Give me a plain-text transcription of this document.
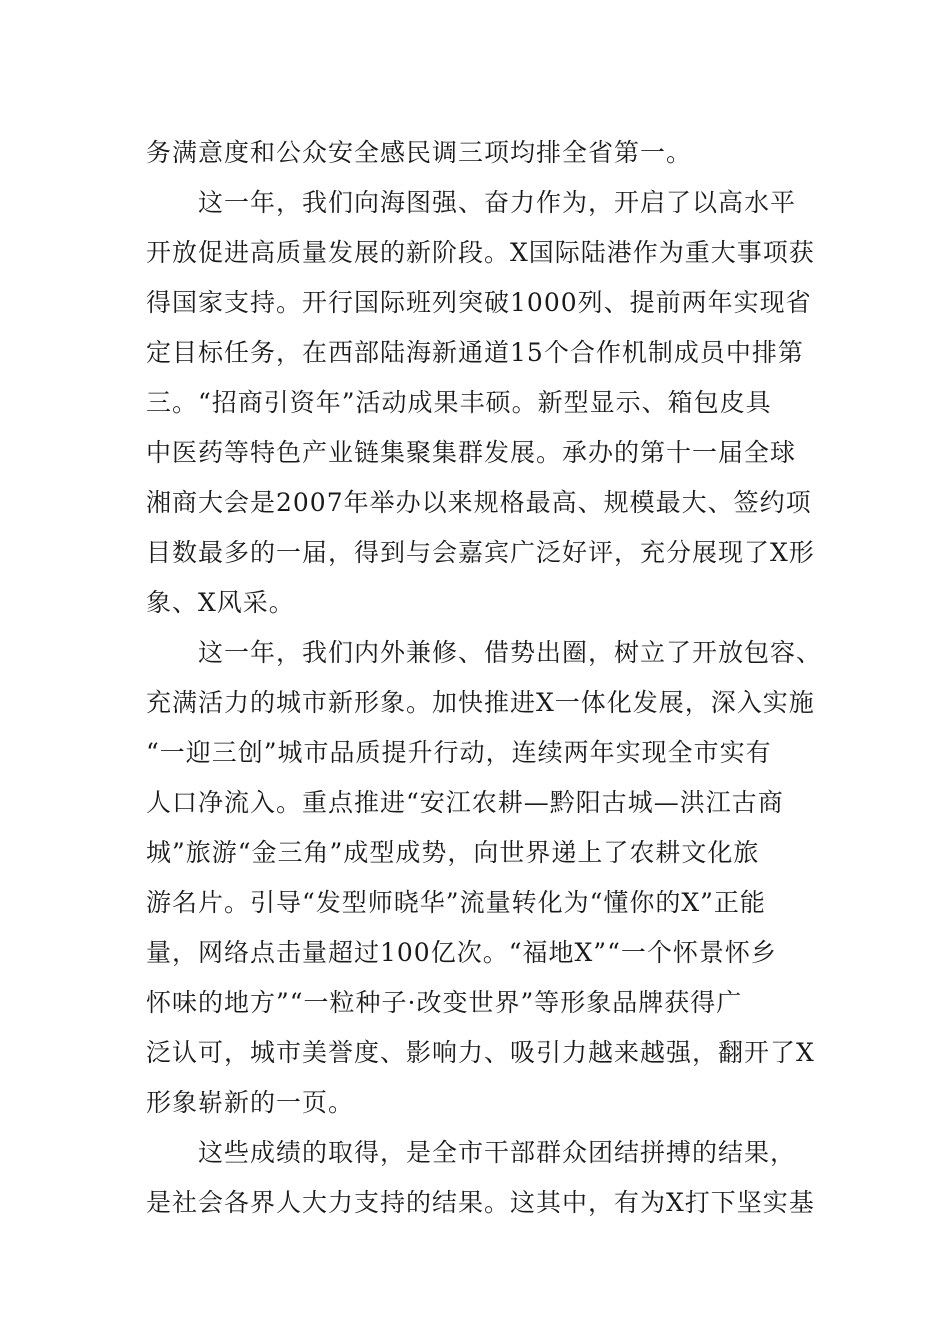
务满意度和公众安全感民调三项均排全省第一。
这一年，我们向海图强、奋力作为，开启了以高水平
开放促进高质量发展的新阶段。X国际陆港作为重大事项获
得国家支持。开行国际班列突破1000列、提前两年实现省
定目标任务，在西部陆海新通道15个合作机制成员中排第
三。“招商引资年”活动成果丰硕。新型显示、箱包皮具
中医药等特色产业链集聚集群发展。承办的第十一届全球
湘商大会是2007年举办以来规格最高、规模最大、签约项
目数最多的一届，得到与会嘉宾广泛好评，充分展现了X形
象、X风采。
这一年，我们内外兼修、借势出圈，树立了开放包容、
充满活力的城市新形象。加快推进X一体化发展，深入实施
“一迎三创”城市品质提升行动，连续两年实现全市实有
人口净流入。重点推进“安江农耕—黔阳古城—洪江古商
城”旅游“金三角”成型成势，向世界递上了农耕文化旅
游名片。引导“发型师晓华”流量转化为“懂你的X”正能
量，网络点击量超过100亿次。“福地X”“一个怀景怀乡
怀味的地方”“一粒种子·改变世界”等形象品牌获得广
泛认可，城市美誉度、影响力、吸引力越来越强，翻开了X
形象崭新的一页。
这些成绩的取得，是全市干部群众团结拼搏的结果，
是社会各界人大力支持的结果。这其中，有为X打下坚实基
